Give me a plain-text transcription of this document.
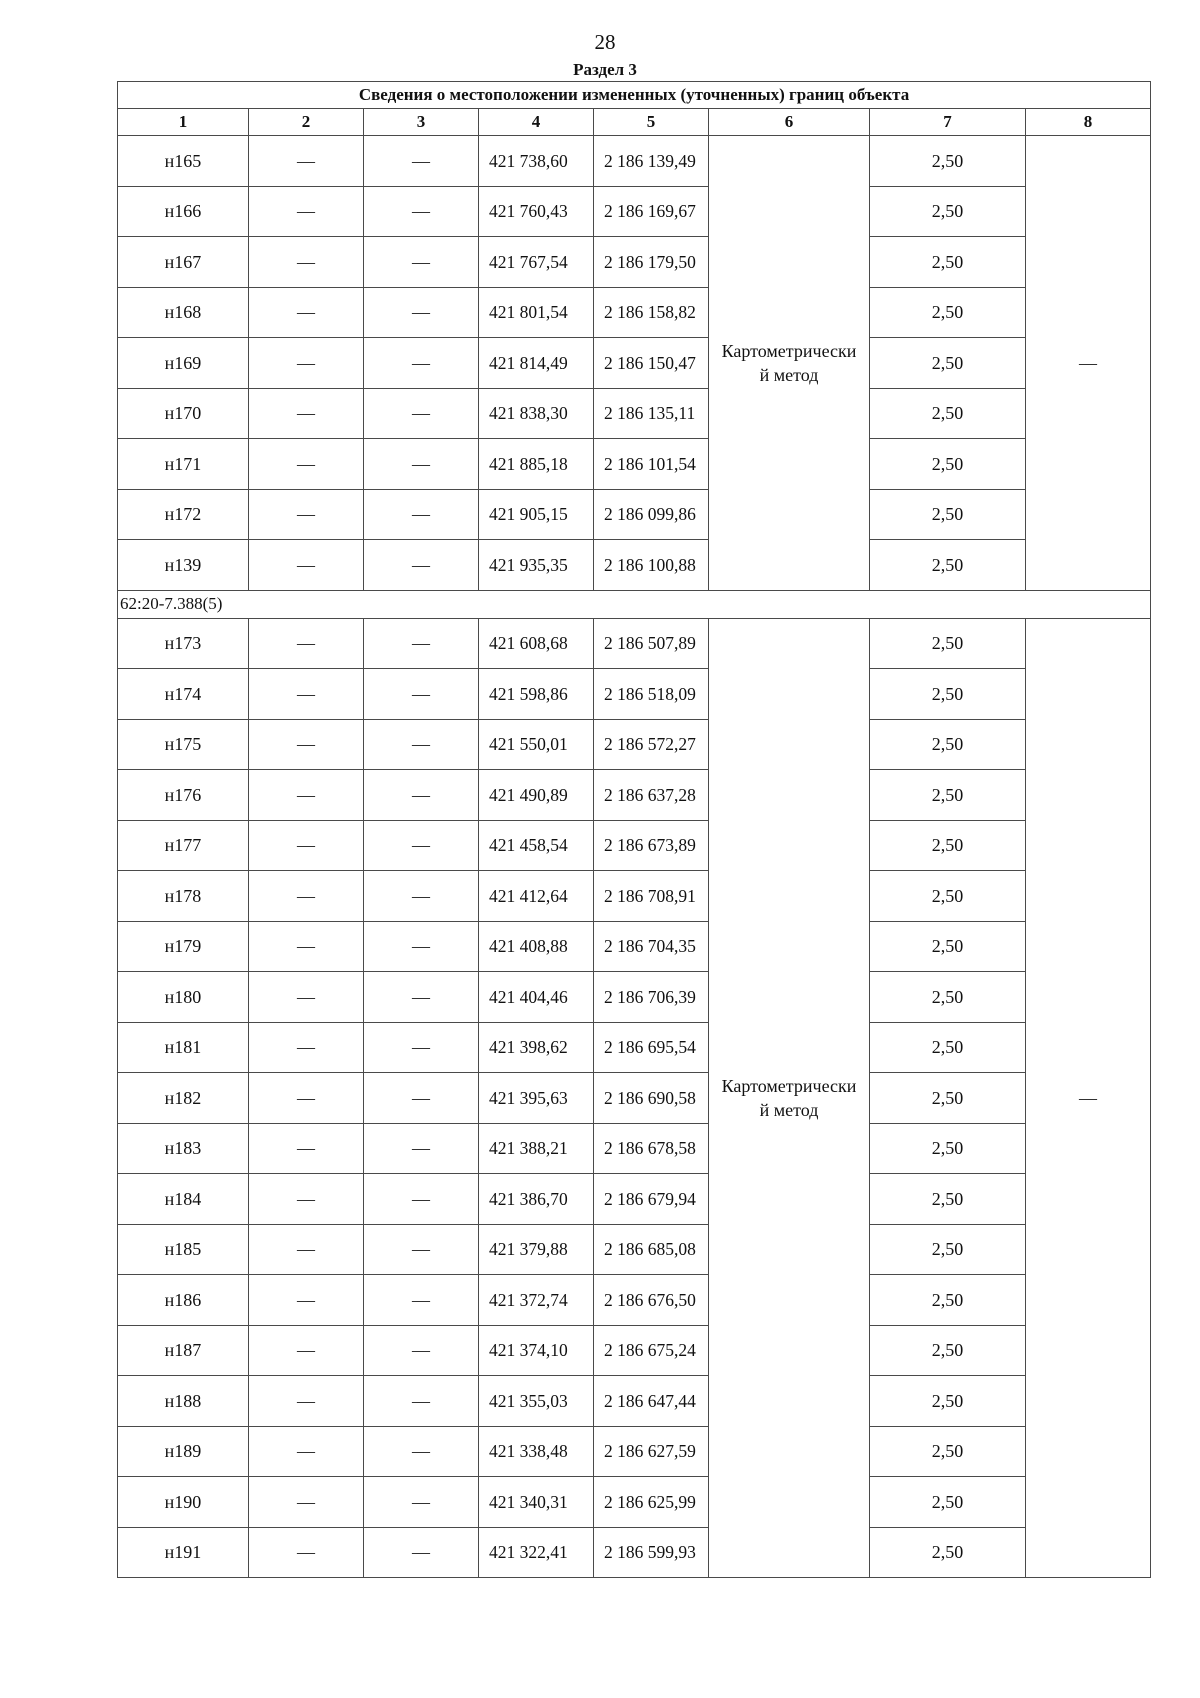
28
Раздел 3
Сведения о местоположении измененных (уточненных) границ объекта							
1	2	3	4	5	6	7	8
н165	—	—	421 738,60	2 186 139,49	Картометрически
й метод	2,50	—
н166	—	—	421 760,43	2 186 169,67		2,50	
н167	—	—	421 767,54	2 186 179,50		2,50	
н168	—	—	421 801,54	2 186 158,82		2,50	
н169	—	—	421 814,49	2 186 150,47		2,50	
н170	—	—	421 838,30	2 186 135,11		2,50	
н171	—	—	421 885,18	2 186 101,54		2,50	
н172	—	—	421 905,15	2 186 099,86		2,50	
н139	—	—	421 935,35	2 186 100,88		2,50	
62:20-7.388(5)							
н173	—	—	421 608,68	2 186 507,89	Картометрически
й метод	2,50	—
н174	—	—	421 598,86	2 186 518,09		2,50	
н175	—	—	421 550,01	2 186 572,27		2,50	
н176	—	—	421 490,89	2 186 637,28		2,50	
н177	—	—	421 458,54	2 186 673,89		2,50	
н178	—	—	421 412,64	2 186 708,91		2,50	
н179	—	—	421 408,88	2 186 704,35		2,50	
н180	—	—	421 404,46	2 186 706,39		2,50	
н181	—	—	421 398,62	2 186 695,54		2,50	
н182	—	—	421 395,63	2 186 690,58		2,50	
н183	—	—	421 388,21	2 186 678,58		2,50	
н184	—	—	421 386,70	2 186 679,94		2,50	
н185	—	—	421 379,88	2 186 685,08		2,50	
н186	—	—	421 372,74	2 186 676,50		2,50	
н187	—	—	421 374,10	2 186 675,24		2,50	
н188	—	—	421 355,03	2 186 647,44		2,50	
н189	—	—	421 338,48	2 186 627,59		2,50	
н190	—	—	421 340,31	2 186 625,99		2,50	
н191	—	—	421 322,41	2 186 599,93		2,50	
